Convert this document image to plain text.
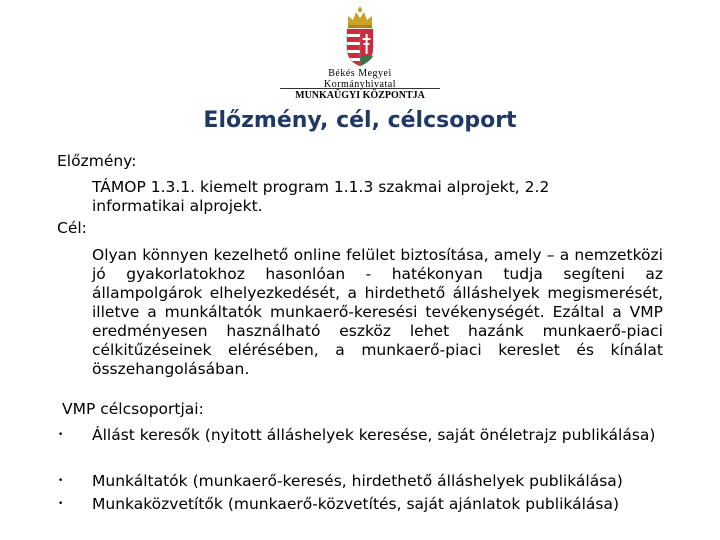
Békés Megyei
Kormányhivatal
MUNKAÜGYI KÖZPONTJA
Előzmény, cél, célcsoport
Előzmény:
TÁMOP 1.3.1. kiemelt program 1.1.3 szakmai alprojekt, 2.2
informatikai alprojekt.
Cél:
Olyan könnyen kezelhető online felület biztosítása, amely – a nemzetközi jó gyakorlatokhoz hasonlóan - hatékonyan tudja segíteni az állampolgárok elhelyezkedését, a hirdethető álláshelyek megismerését, illetve a munkáltatók munkaerő-keresési tevékenységét. Ezáltal a VMP eredményesen használható eszköz lehet hazánk munkaerő-piaci célkitűzéseinek elérésében, a munkaerő-piaci kereslet és kínálat összehangolásában.
VMP célcsoportjai:
• Állást keresők (nyitott álláshelyek keresése, saját önéletrajz publikálása)
• Munkáltatók (munkaerő-keresés, hirdethető álláshelyek publikálása)
• Munkaközvetítők (munkaerő-közvetítés, saját ajánlatok publikálása)
